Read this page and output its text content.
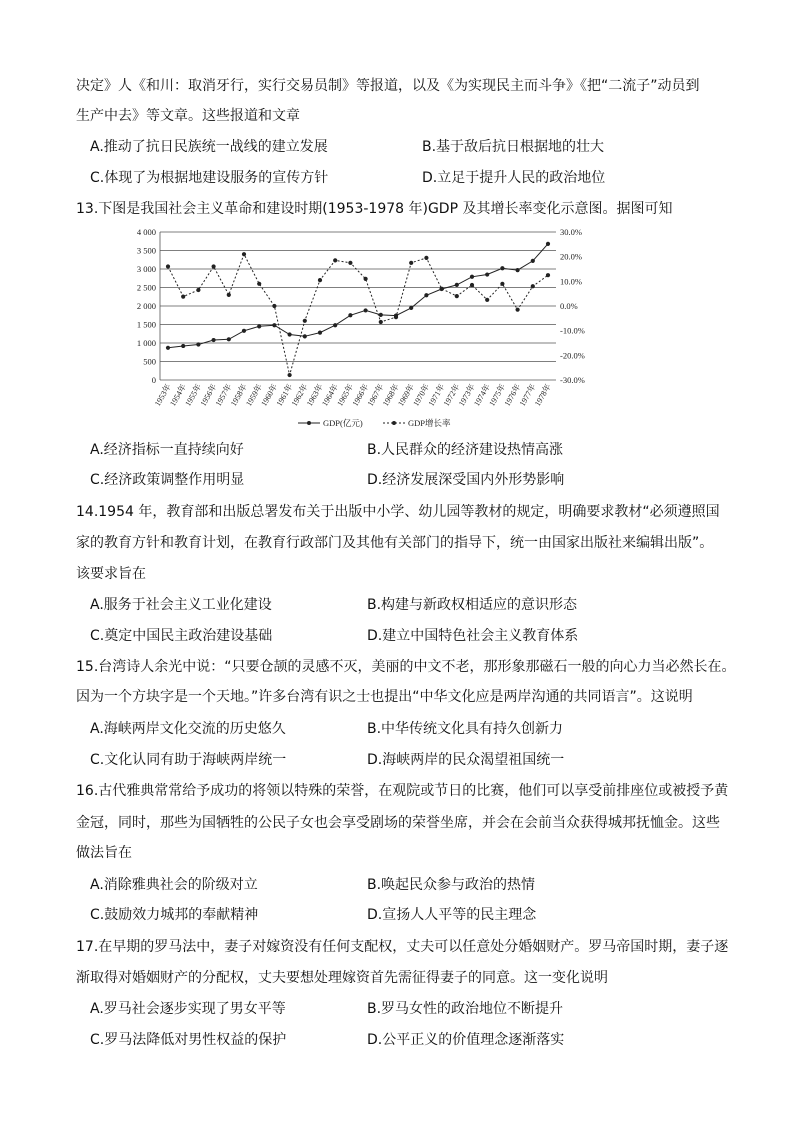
决定》人《和川：取消牙行，实行交易员制》等报道，以及《为实现民主而斗争》《把“二流子”动员到
生产中去》等文章。这些报道和文章
A.推动了抗日民族统一战线的建立发展	B.基于敌后抗日根据地的壮大
C.体现了为根据地建设服务的宣传方针	D.立足于提升人民的政治地位
13.下图是我国社会主义革命和建设时期(1953-1978 年)GDP 及其增长率变化示意图。据图可知
4 000
3 500
3 000
2 500
2 000
1 500
1 000
500
0
30.0%
20.0%
10.0%
0.0%
-10.0%
-20.0%
-30.0%
1953年
1954年
1955年
1956年
1957年
1958年
1959年
1960年
1961年
1962年
1963年
1964年
1965年
1966年
1967年
1968年
1969年
1970年
1971年
1972年
1973年
1974年
1975年
1976年
1977年
1978年
GDP(亿元)	GDP增长率
A.经济指标一直持续向好	B.人民群众的经济建设热情高涨
C.经济政策调整作用明显	D.经济发展深受国内外形势影响
14.1954 年，教育部和出版总署发布关于出版中小学、幼儿园等教材的规定，明确要求教材“必须遵照国
家的教育方针和教育计划，在教育行政部门及其他有关部门的指导下，统一由国家出版社来编辑出版”。
该要求旨在
A.服务于社会主义工业化建设	B.构建与新政权相适应的意识形态
C.奠定中国民主政治建设基础	D.建立中国特色社会主义教育体系
15.台湾诗人余光中说：“只要仓颉的灵感不灭，美丽的中文不老，那形象那磁石一般的向心力当必然长在。
因为一个方块字是一个天地。”许多台湾有识之士也提出“中华文化应是两岸沟通的共同语言”。这说明
A.海峡两岸文化交流的历史悠久	B.中华传统文化具有持久创新力
C.文化认同有助于海峡两岸统一	D.海峡两岸的民众渴望祖国统一
16.古代雅典常常给予成功的将领以特殊的荣誉，在观院或节日的比赛，他们可以享受前排座位或被授予黄
金冠，同时，那些为国牺牲的公民子女也会享受剧场的荣誉坐席，并会在会前当众获得城邦抚恤金。这些
做法旨在
A.消除雅典社会的阶级对立	B.唤起民众参与政治的热情
C.鼓励效力城邦的奉献精神	D.宣扬人人平等的民主理念
17.在早期的罗马法中，妻子对嫁资没有任何支配权，丈夫可以任意处分婚姻财产。罗马帝国时期，妻子逐
渐取得对婚姻财产的分配权，丈夫要想处理嫁资首先需征得妻子的同意。这一变化说明
A.罗马社会逐步实现了男女平等	B.罗马女性的政治地位不断提升
C.罗马法降低对男性权益的保护	D.公平正义的价值理念逐渐落实
